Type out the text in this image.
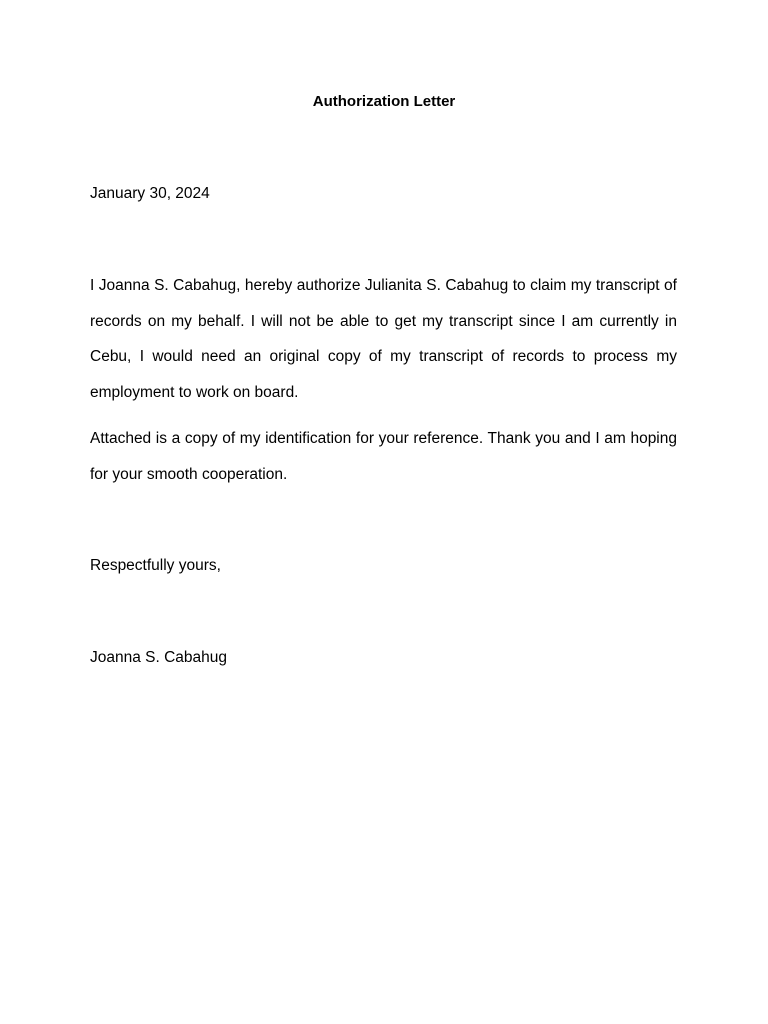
Authorization Letter
January 30, 2024

I Joanna S. Cabahug, hereby authorize Julianita S. Cabahug to claim my transcript of records on my behalf. I will not be able to get my transcript since I am currently in Cebu, I would need an original copy of my transcript of records to process my employment to work on board.

Attached is a copy of my identification for your reference. Thank you and I am hoping for your smooth cooperation.

Respectfully yours,
Joanna S. Cabahug
